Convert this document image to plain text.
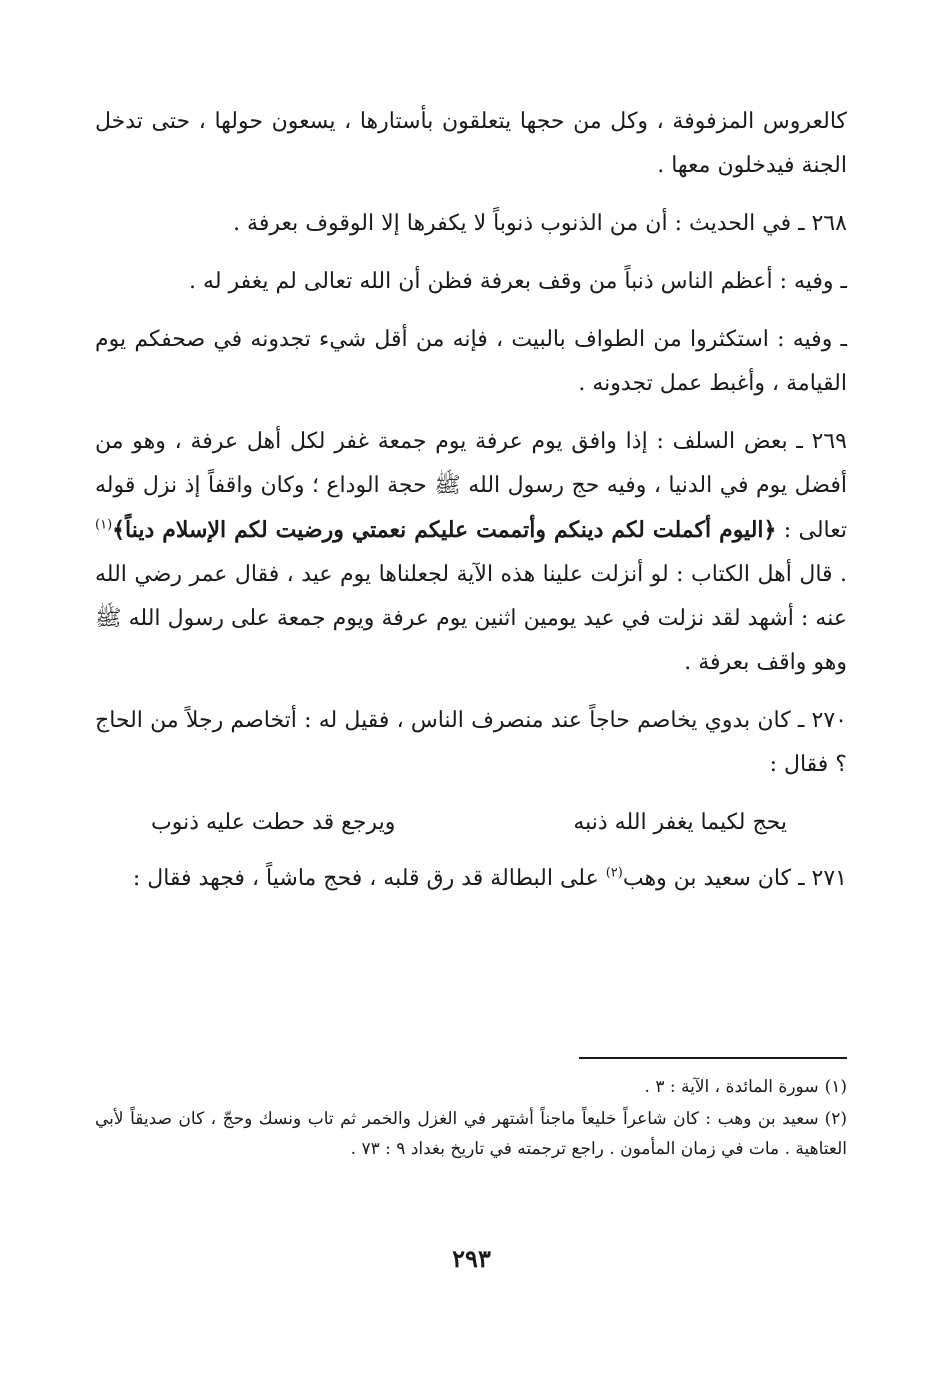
كالعروس المزفوفة ، وكل من حجها يتعلقون بأستارها ، يسعون حولها ، حتى تدخل الجنة فيدخلون معها .

٢٦٨ ـ في الحديث : أن من الذنوب ذنوباً لا يكفرها إلا الوقوف بعرفة .

ـ وفيه : أعظم الناس ذنباً من وقف بعرفة فظن أن الله تعالى لم يغفر له .

ـ وفيه : استكثروا من الطواف بالبيت ، فإنه من أقل شيء تجدونه في صحفكم يوم القيامة ، وأغبط عمل تجدونه .

٢٦٩ ـ بعض السلف : إذا وافق يوم عرفة يوم جمعة غفر لكل أهل عرفة ، وهو من أفضل يوم في الدنيا ، وفيه حج رسول الله ﷺ حجة الوداع ؛ وكان واقفاً إذ نزل قوله تعالى : ﴿اليوم أكملت لكم دينكم وأتممت عليكم نعمتي ورضيت لكم الإسلام ديناً﴾$^{(١)}$ . قال أهل الكتاب : لو أنزلت علينا هذه الآية لجعلناها يوم عيد ، فقال عمر رضي الله عنه : أشهد لقد نزلت في عيد يومين اثنين يوم عرفة ويوم جمعة على رسول الله ﷺ وهو واقف بعرفة .

٢٧٠ ـ كان بدوي يخاصم حاجاً عند منصرف الناس ، فقيل له : أتخاصم رجلاً من الحاج ؟ فقال :

يحج لكيما يغفر الله ذنبه
ويرجع قد حطت عليه ذنوب

٢٧١ ـ كان سعيد بن وهب$^{(٢)}$ على البطالة قد رق قلبه ، فحج ماشياً ، فجهد فقال :

(١)سورة المائدة ، الآية : ٣ .

(٢)سعيد بن وهب : كان شاعراً خليعاً ماجناً أشتهر في الغزل والخمر ثم تاب ونسك وحجّ ، كان صديقاً لأبي العتاهية . مات في زمان المأمون . راجع ترجمته في تاريخ بغداد ٩ : ٧٣ .

٢٩٣
